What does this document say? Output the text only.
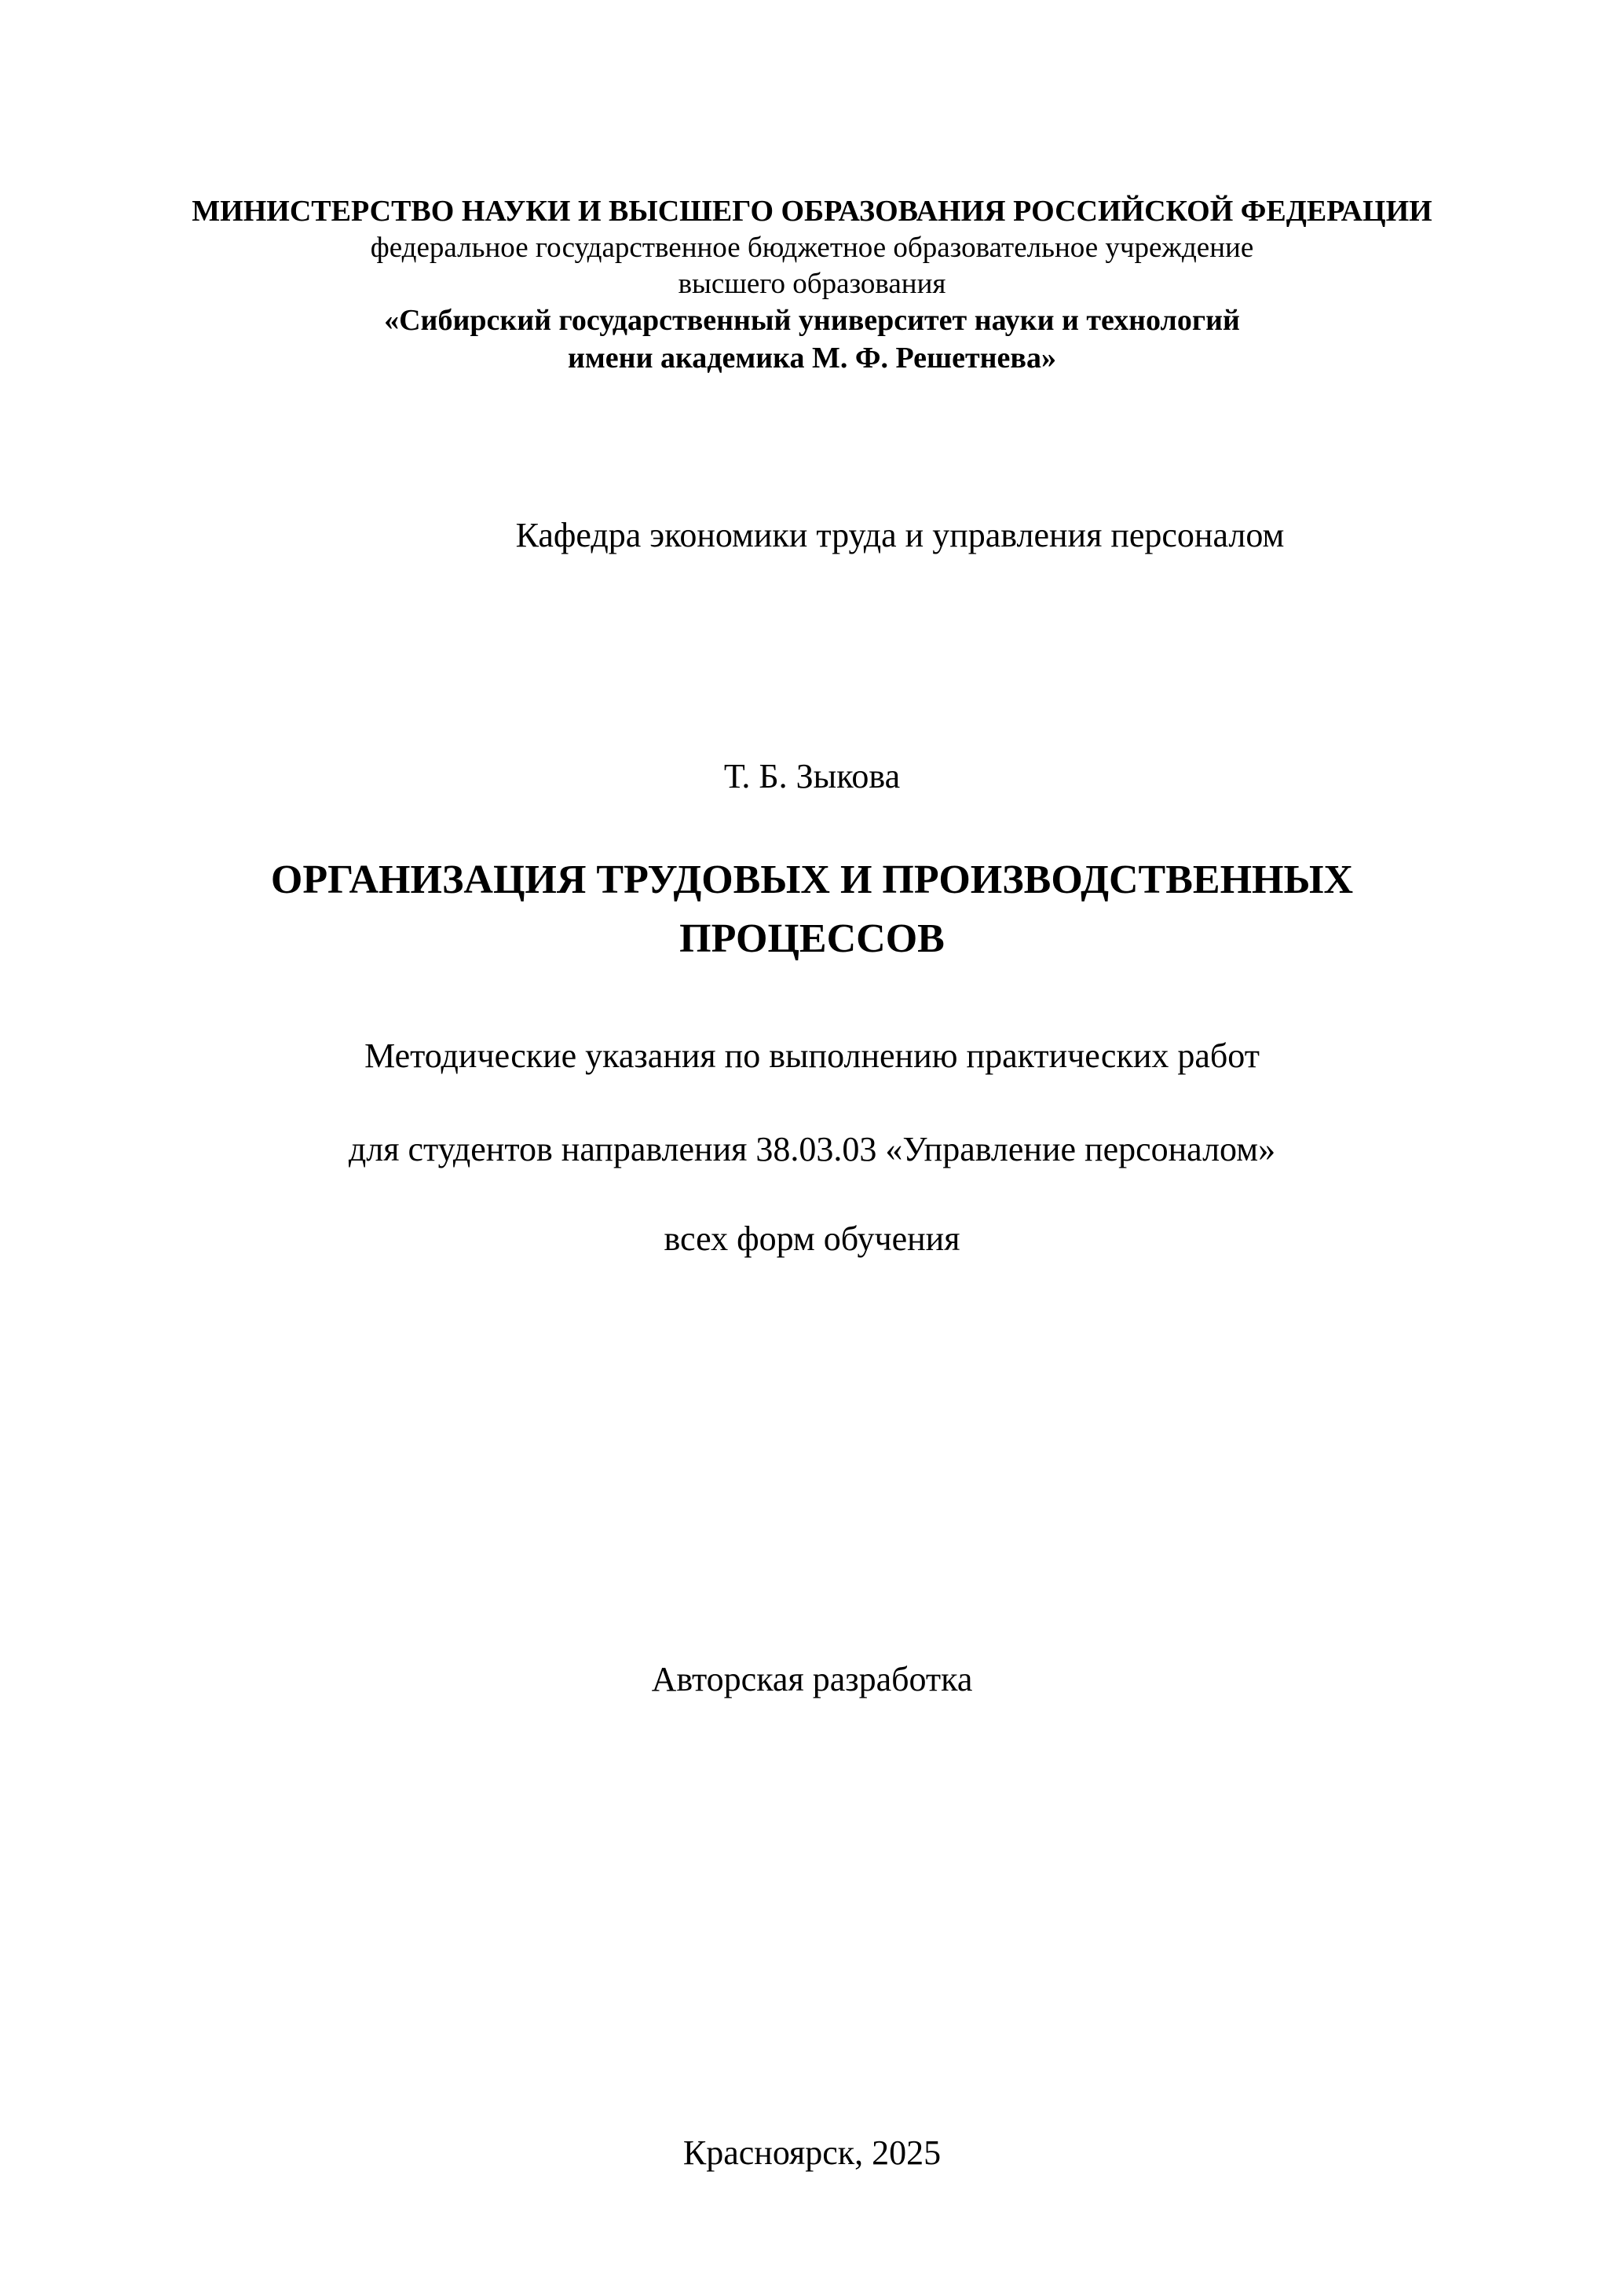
МИНИСТЕРСТВО НАУКИ И ВЫСШЕГО ОБРАЗОВАНИЯ РОССИЙСКОЙ ФЕДЕРАЦИИ
федеральное государственное бюджетное образовательное учреждение
высшего образования
«Сибирский государственный университет науки и технологий
имени академика М. Ф. Решетнева»
Кафедра экономики труда и управления персоналом
Т. Б. Зыкова
ОРГАНИЗАЦИЯ ТРУДОВЫХ И ПРОИЗВОДСТВЕННЫХ
ПРОЦЕССОВ
Методические указания по выполнению практических работ
для студентов направления 38.03.03 «Управление персоналом»
всех форм обучения
Авторская разработка
Красноярск, 2025
